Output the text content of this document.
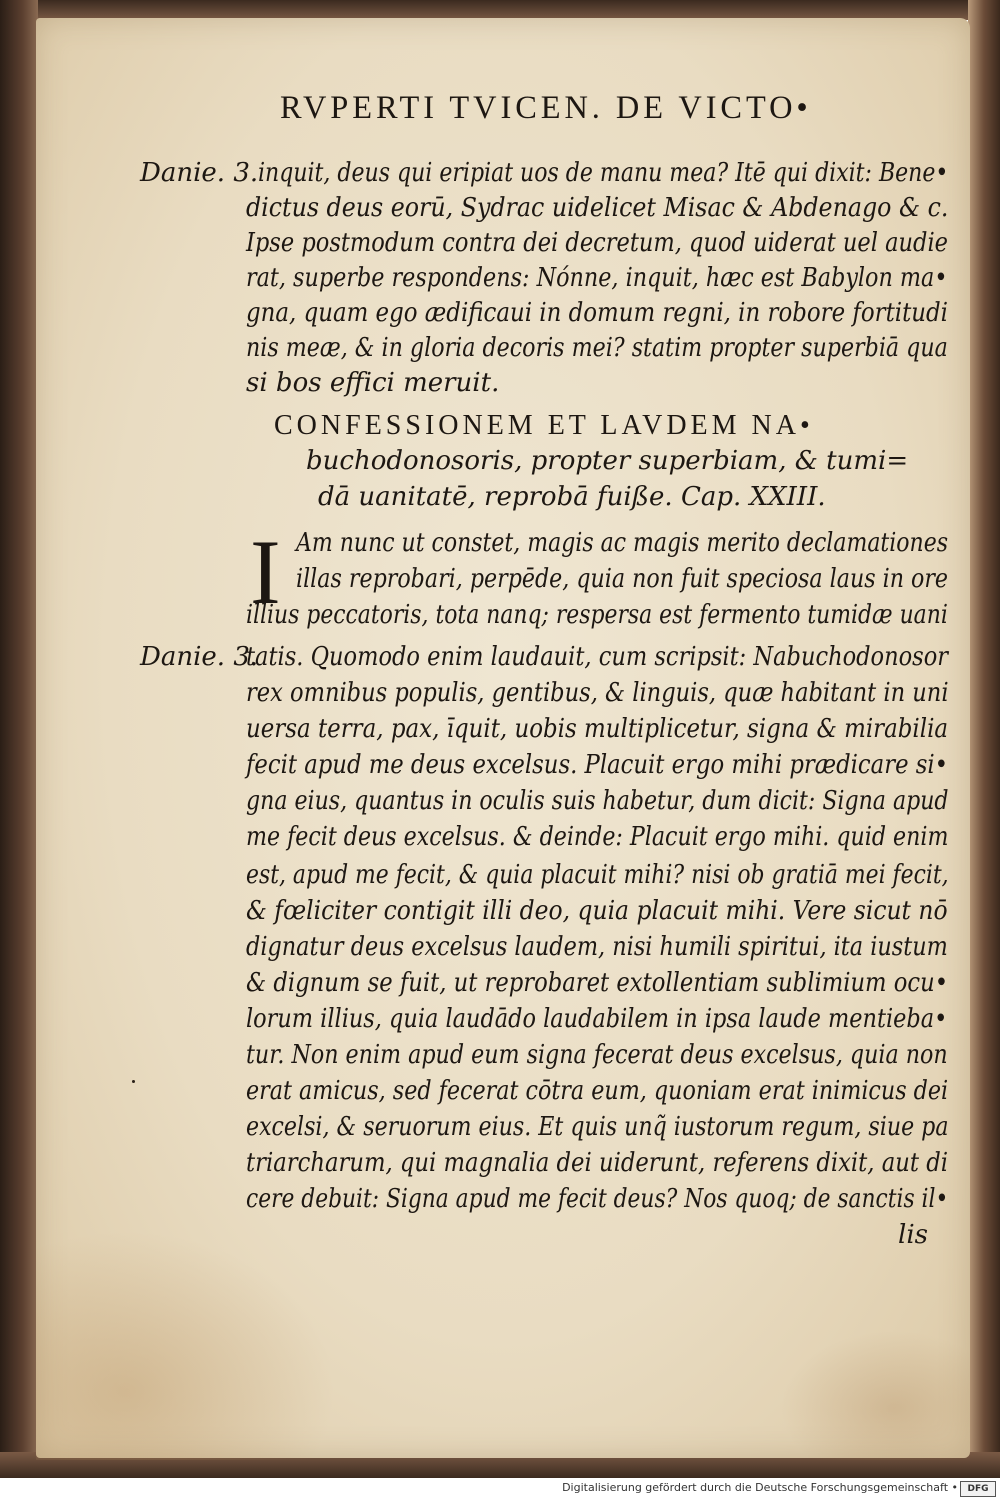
RVPERTI TVICEN. DE VICTO•
Danie. 3.
Danie. 3.
inquit, deus qui eripiat uos de manu mea? Itē qui dixit: Bene•
dictus deus eorū, Sydrac uidelicet Misac & Abdenago & c.
Ipse postmodum contra dei decretum, quod uiderat uel audie
rat, superbe respondens: Nónne, inquit, hæc est Babylon ma•
gna, quam ego ædificaui in domum regni, in robore fortitudi
nis meæ, & in gloria decoris mei? statim propter superbiā qua
si bos effici meruit.
CONFESSIONEM ET LAVDEM NA•
buchodonosoris, propter superbiam, & tumi=
dā uanitatē, reprobā fuiße. Cap. XXIII.
I Am nunc ut constet, magis ac magis merito declamationes
illas reprobari, perpēde, quia non fuit speciosa laus in ore
illius peccatoris, tota nanq; respersa est fermento tumidæ uani
tatis. Quomodo enim laudauit, cum scripsit: Nabuchodonosor
rex omnibus populis, gentibus, & linguis, quæ habitant in uni
uersa terra, pax, īquit, uobis multiplicetur, signa & mirabilia
fecit apud me deus excelsus. Placuit ergo mihi prædicare si•
gna eius, quantus in oculis suis habetur, dum dicit: Signa apud
me fecit deus excelsus. & deinde: Placuit ergo mihi. quid enim
est, apud me fecit, & quia placuit mihi? nisi ob gratiā mei fecit,
& fœliciter contigit illi deo, quia placuit mihi. Vere sicut nō
dignatur deus excelsus laudem, nisi humili spiritui, ita iustum
& dignum se fuit, ut reprobaret extollentiam sublimium ocu•
lorum illius, quia laudādo laudabilem in ipsa laude mentieba•
tur. Non enim apud eum signa fecerat deus excelsus, quia non
erat amicus, sed fecerat cōtra eum, quoniam erat inimicus dei
excelsi, & seruorum eius. Et quis unq̃ iustorum regum, siue pa
triarcharum, qui magnalia dei uiderunt, referens dixit, aut di
cere debuit: Signa apud me fecit deus? Nos quoq; de sanctis il•
lis
Digitalisierung gefördert durch die Deutsche Forschungsgemeinschaft •	DFG
